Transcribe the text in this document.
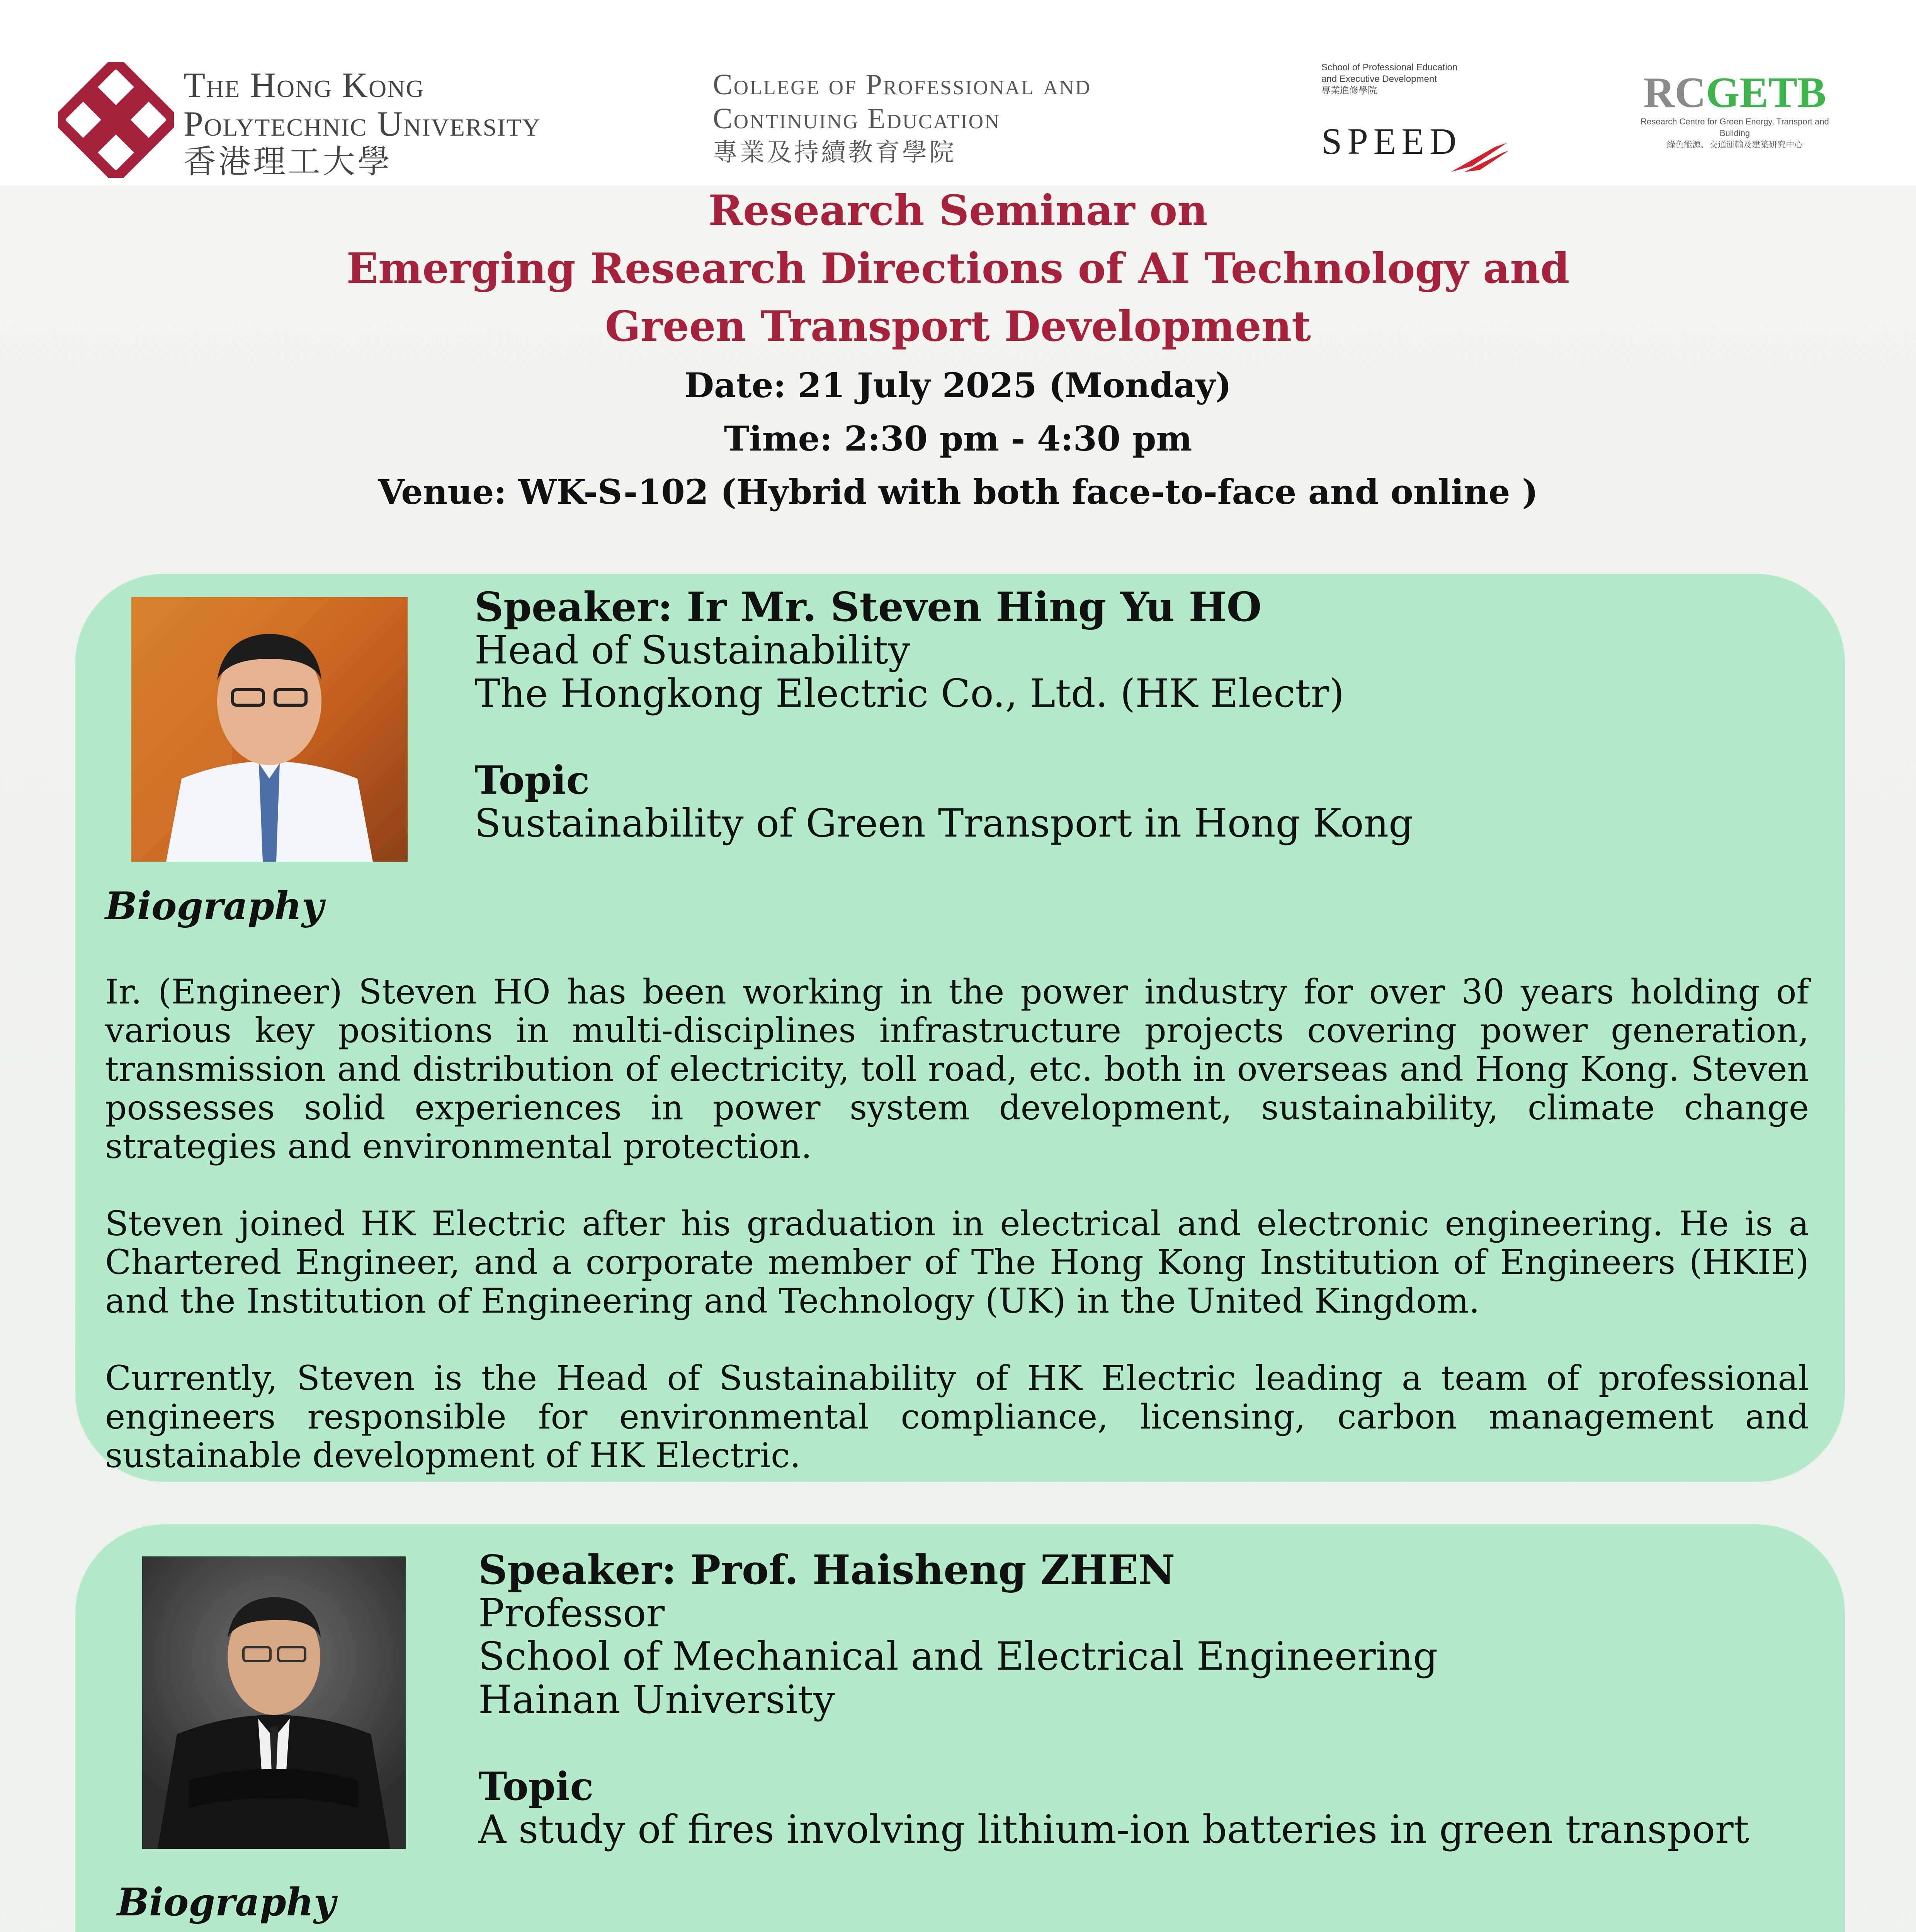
The Hong Kong
Polytechnic University
香港理工大學
College of Professional and
Continuing Education
專業及持續教育學院
School of Professional Education
and Executive Development
專業進修學院
SPEED
RCGETB
Research Centre for Green Energy, Transport and Building
綠色能源、交通運輸及建築研究中心
Research Seminar on
Emerging Research Directions of AI Technology and
Green Transport Development
Date: 21 July 2025 (Monday)
Time: 2:30 pm - 4:30 pm
Venue: WK-S-102 (Hybrid with both face-to-face and online )
Speaker: Ir Mr. Steven Hing Yu HO
Head of Sustainability
The Hongkong Electric Co., Ltd. (HK Electr)
Topic
Sustainability of Green Transport in Hong Kong
Biography

Ir. (Engineer) Steven HO has been working in the power industry for over 30 years holding of various key positions in multi-disciplines infrastructure projects covering power generation, transmission and distribution of electricity, toll road, etc. both in overseas and Hong Kong. Steven possesses solid experiences in power system development, sustainability, climate change strategies and environmental protection.

Steven joined HK Electric after his graduation in electrical and electronic engineering. He is a Chartered Engineer, and a corporate member of The Hong Kong Institution of Engineers (HKIE) and the Institution of Engineering and Technology (UK) in the United Kingdom.

Currently, Steven is the Head of Sustainability of HK Electric leading a team of professional engineers responsible for environmental compliance, licensing, carbon management and sustainable development of HK Electric.

Speaker: Prof. Haisheng ZHEN
Professor
School of Mechanical and Electrical Engineering
Hainan University
Topic
A study of fires involving lithium-ion batteries in green transport
Biography
